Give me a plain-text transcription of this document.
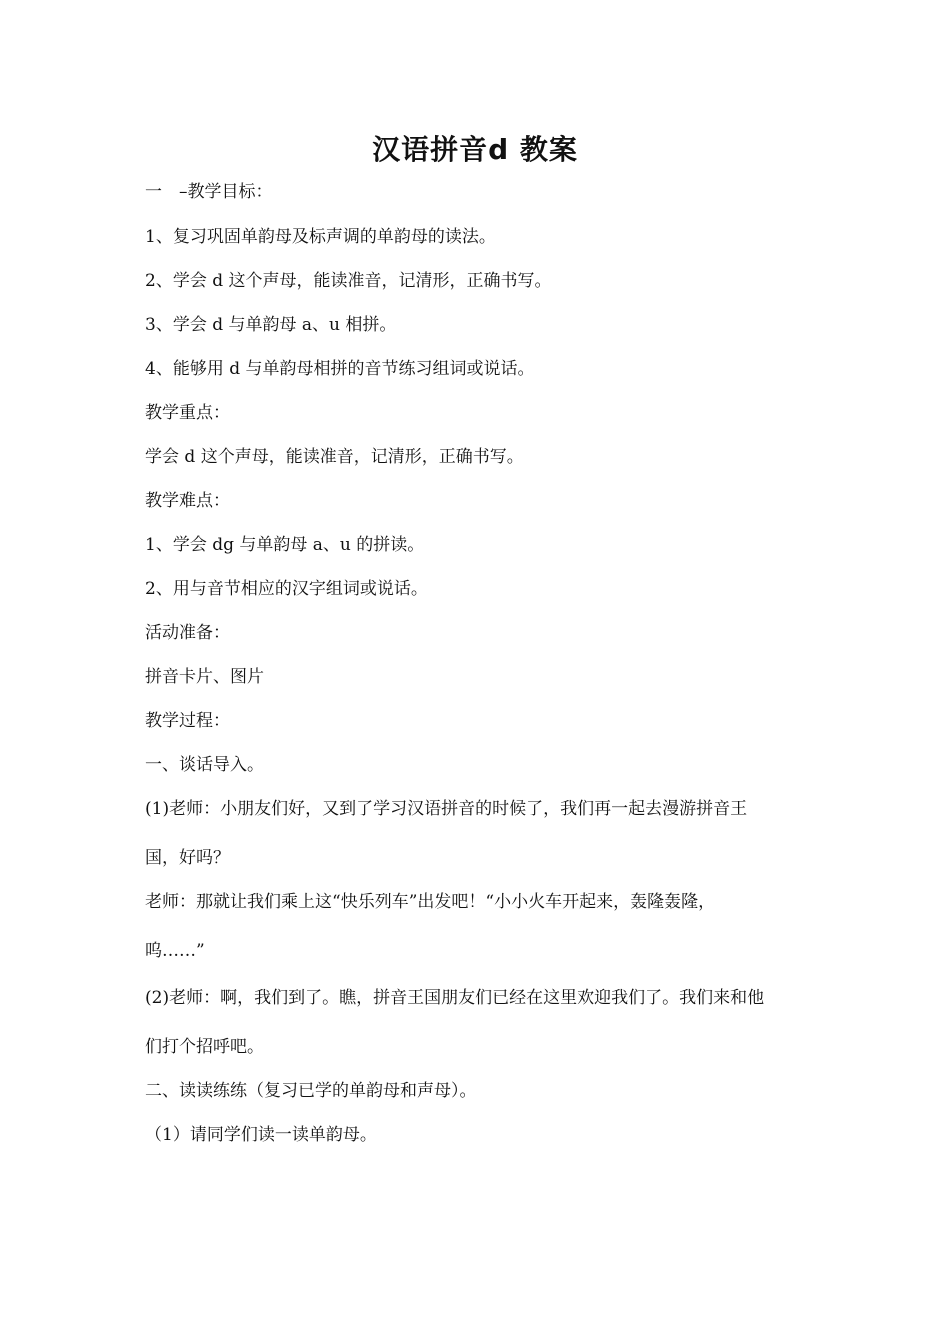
汉语拼音d 教案
一　–教学目标：
1、复习巩固单韵母及标声调的单韵母的读法。
2、学会 d 这个声母，能读准音，记清形，正确书写。
3、学会 d 与单韵母 a、u 相拼。
4、能够用 d 与单韵母相拼的音节练习组词或说话。
教学重点：
学会 d 这个声母，能读准音，记清形，正确书写。
教学难点：
1、学会 dg 与单韵母 a、u 的拼读。
2、用与音节相应的汉字组词或说话。
活动准备：
拼音卡片、图片
教学过程：
一、谈话导入。
(1)老师：小朋友们好，又到了学习汉语拼音的时候了，我们再一起去漫游拼音王
国，好吗？
老师：那就让我们乘上这“快乐列车”出发吧！“小小火车开起来，轰隆轰隆，
呜……”
(2)老师：啊，我们到了。瞧，拼音王国朋友们已经在这里欢迎我们了。我们来和他
们打个招呼吧。
二、读读练练（复习已学的单韵母和声母）。
（1）请同学们读一读单韵母。
